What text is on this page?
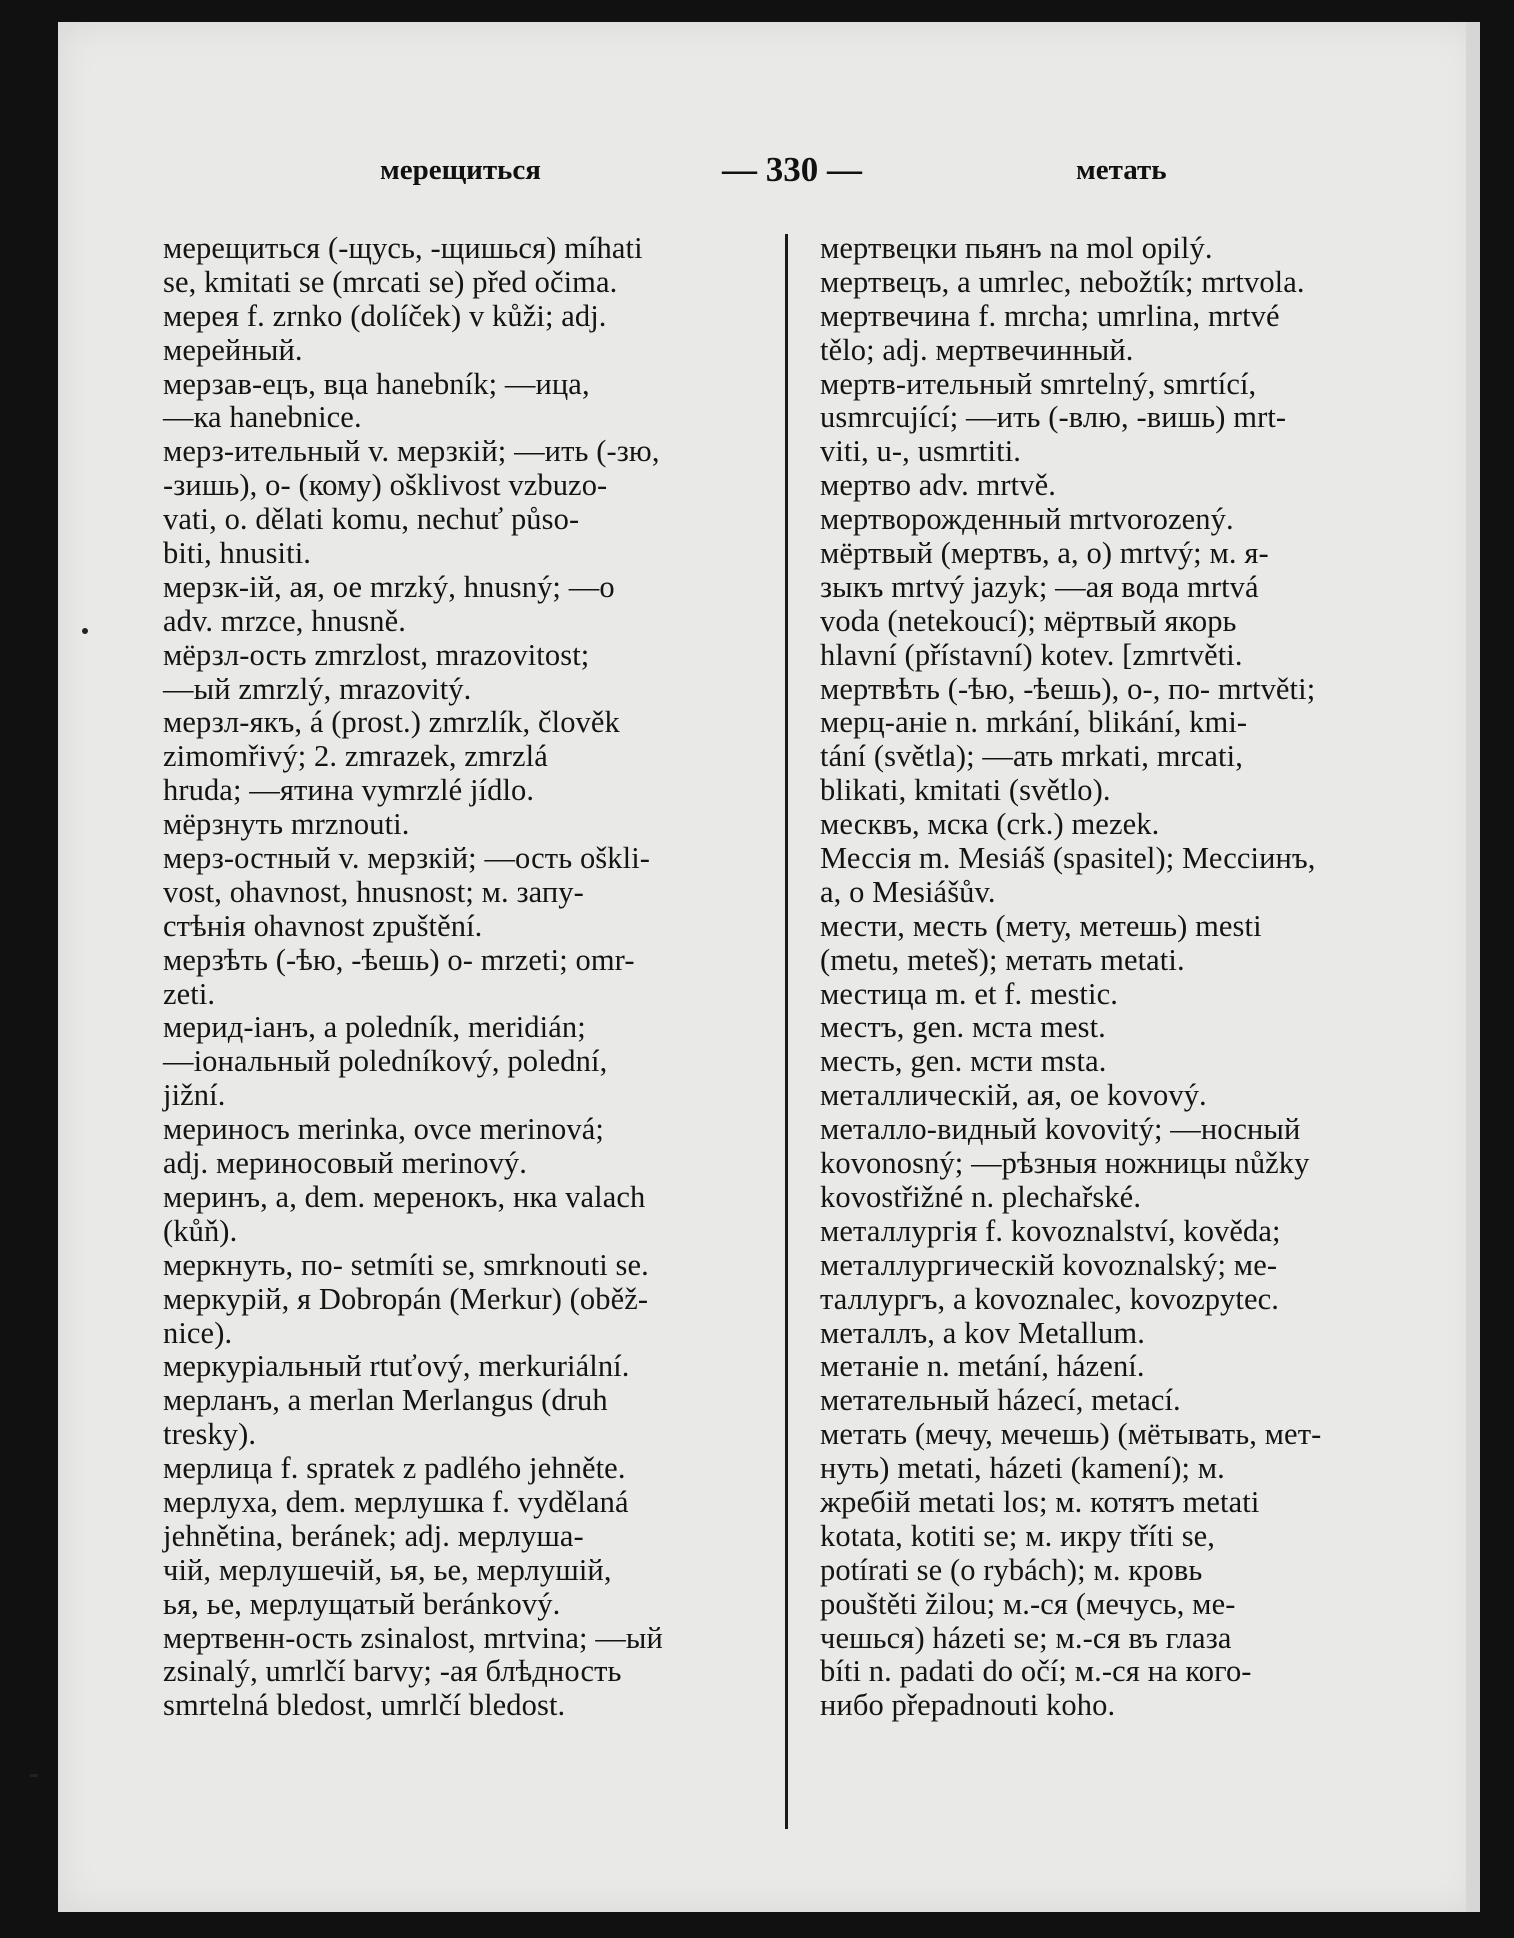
мерещиться	— 330 —	метать
мерещиться (-щусь, -щишься) míhati
se, kmitati se (mrcati se) před očima.
мерея f. zrnko (dolíček) v kůži; adj.
мерейный.
мерзав-ецъ, вца hanebník; —ица,
—ка hanebnice.
мерз-ительный v. мерзкій; —ить (-зю,
-зишь), о- (кому) ošklivost vzbuzo-
vati, o. dělati komu, nechuť půso-
biti, hnusiti.
мерзк-ій, ая, ое mrzký, hnusný; —о
adv. mrzce, hnusně.
мёрзл-ость zmrzlost, mrazovitost;
—ый zmrzlý, mrazovitý.
мерзл-якъ, á (prost.) zmrzlík, člověk
zimomřivý; 2. zmrazek, zmrzlá
hruda; —ятина vymrzlé jídlo.
мёрзнуть mrznouti.
мерз-остный v. мерзкій; —ость oškli-
vost, ohavnost, hnusnost; м. запу-
стѣнія ohavnost zpuštění.
мерзѣть (-ѣю, -ѣешь) о- mrzeti; omr-
zeti.
мерид-іанъ, а poledník, meridián;
—іональный poledníkový, polední,
jižní.
мериносъ merinka, ovce merinová;
adj. мериносовый merinový.
меринъ, а, dem. меренокъ, нка valach
(kůň).
меркнуть, по- setmíti se, smrknouti se.
меркурій, я Dobropán (Merkur) (oběž-
nice).
меркуріальный rtuťový, merkuriální.
мерланъ, а merlan Merlangus (druh
tresky).
мерлица f. spratek z padlého jehněte.
мерлуха, dem. мерлушка f. vydělaná
jehnětina, beránek; adj. мерлуша-
чій, мерлушечій, ья, ье, мерлушій,
ья, ье, мерлущатый beránkový.
мертвенн-ость zsinalost, mrtvina; —ый
zsinalý, umrlčí barvy; -ая блѣдность
smrtelná bledost, umrlčí bledost.
мертвецки пьянъ na mol opilý.
мертвецъ, а umrlec, nebožtík; mrtvola.
мертвечина f. mrcha; umrlina, mrtvé
tělo; adj. мертвечинный.
мертв-ительный smrtelný, smrtící,
usmrcující; —ить (-влю, -вишь) mrt-
viti, u-, usmrtiti.
мертво adv. mrtvě.
мертворожденный mrtvorozený.
мёртвый (мертвъ, а, о) mrtvý; м. я-
зыкъ mrtvý jazyk; —ая вода mrtvá
voda (netekoucí); мёртвый якорь
hlavní (přístavní) kotev. [zmrtvěti.
мертвѣть (-ѣю, -ѣешь), о-, по- mrtvěti;
мерц-аніе n. mrkání, blikání, kmi-
tání (světla); —ать mrkati, mrcati,
blikati, kmitati (světlo).
месквъ, мска (crk.) mezek.
Мессія m. Mesiáš (spasitel); Мессіинъ,
a, o Mesiášův.
мести, месть (мету, метешь) mesti
(metu, meteš); метать metati.
местица m. et f. mestic.
местъ, gen. мста mest.
месть, gen. мсти msta.
металлическій, ая, ое kovový.
металло-видный kovovitý; —носный
kovonosný; —рѣзныя ножницы nůžky
kovostřižné n. plechařské.
металлургія f. kovoznalství, kověda;
металлургическій kovoznalský; ме-
таллургъ, а kovoznalec, kovozpytec.
металлъ, а kov Metallum.
метаніе n. metání, házení.
метательный házecí, metací.
метать (мечу, мечешь) (мётывать, мет-
нуть) metati, házeti (kamení); м.
жребій metati los; м. котятъ metati
kotata, kotiti se; м. икру tříti se,
potírati se (o rybách); м. кровь
pouštěti žilou; м.-ся (мечусь, ме-
чешься) házeti se; м.-ся въ глаза
bíti n. padati do očí; м.-ся на кого-
нибо přepadnouti koho.
